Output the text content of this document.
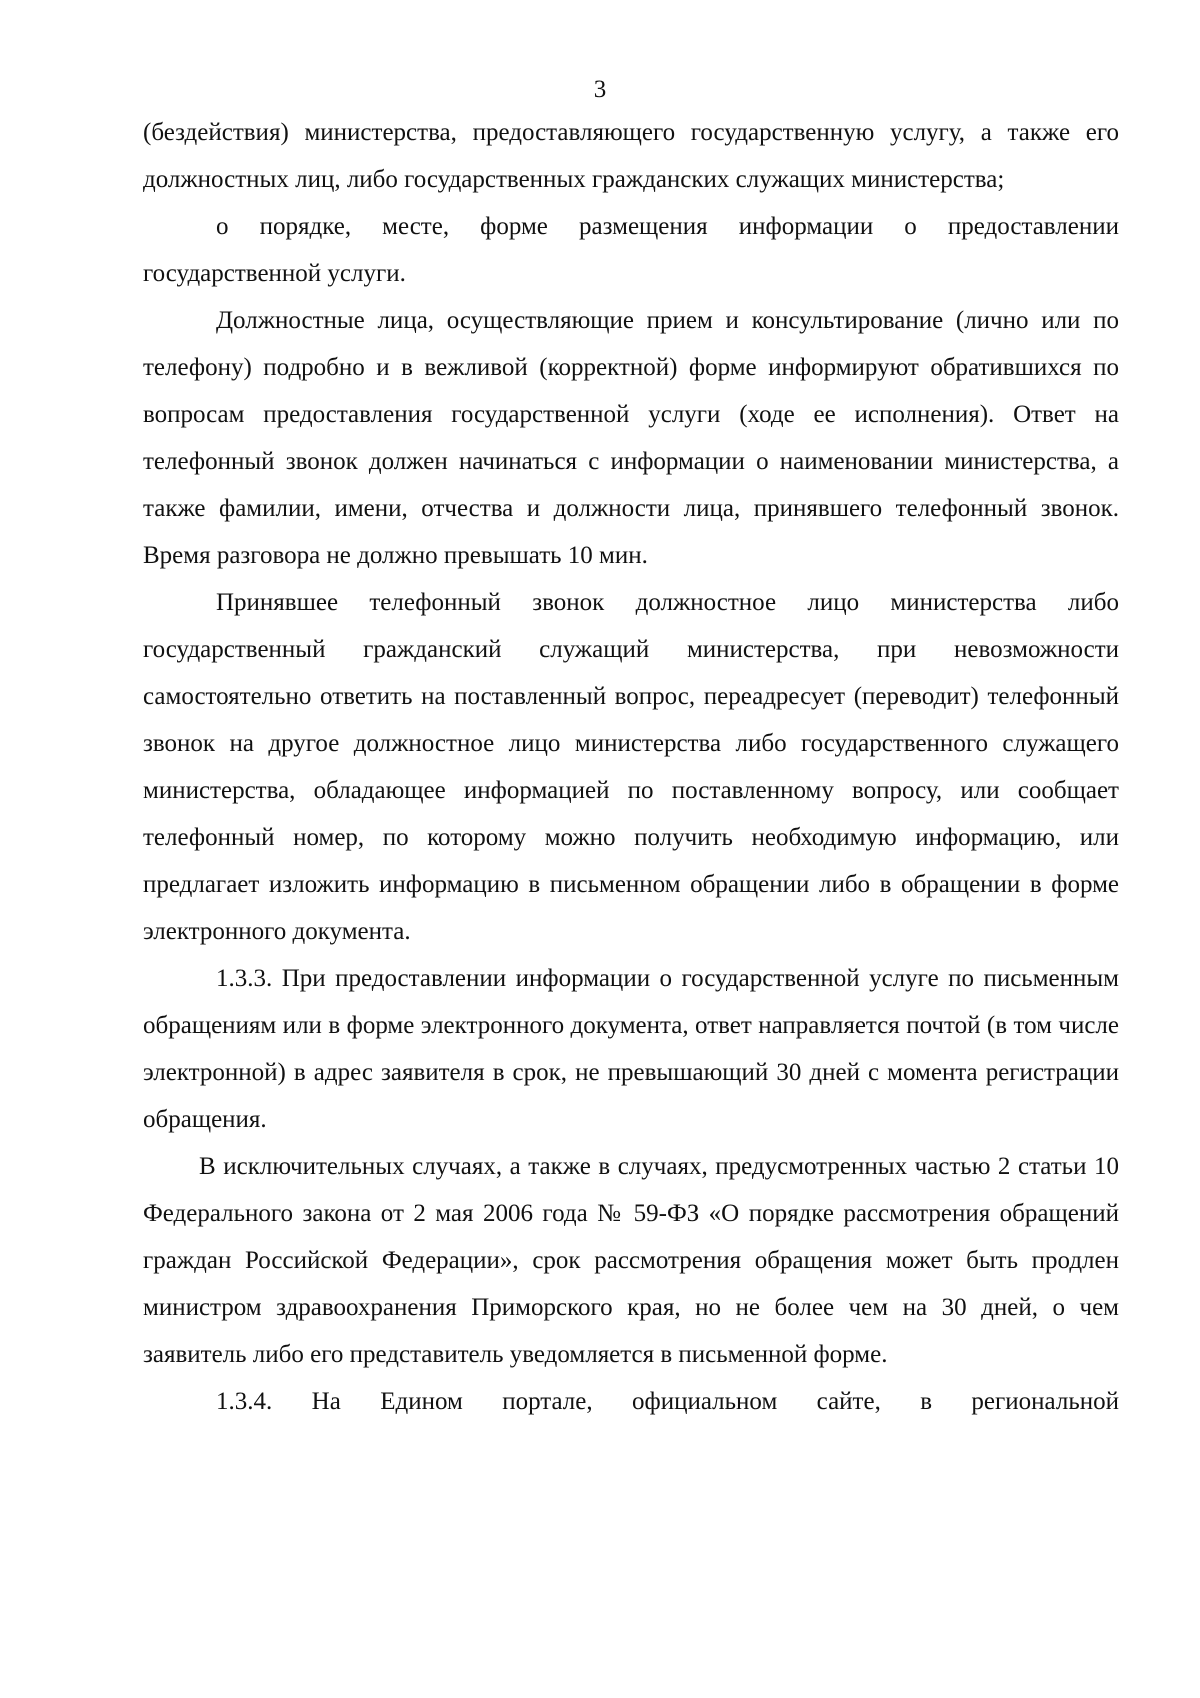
3

(бездействия) министерства, предоставляющего государственную услугу, а также его должностных лиц, либо государственных гражданских служащих министерства;

о порядке, месте, форме размещения информации о предоставлении государственной услуги.

Должностные лица, осуществляющие прием и консультирование (лично или по телефону) подробно и в вежливой (корректной) форме информируют обратившихся по вопросам предоставления государственной услуги (ходе ее исполнения). Ответ на телефонный звонок должен начинаться с информации о наименовании министерства, а также фамилии, имени, отчества и должности лица, принявшего телефонный звонок. Время разговора не должно превышать 10 мин.

Принявшее телефонный звонок должностное лицо министерства либо государственный гражданский служащий министерства, при невозможности самостоятельно ответить на поставленный вопрос, переадресует (переводит) телефонный звонок на другое должностное лицо министерства либо государственного служащего министерства, обладающее информацией по поставленному вопросу, или сообщает телефонный номер, по которому можно получить необходимую информацию, или предлагает изложить информацию в письменном обращении либо в обращении в форме электронного документа.

1.3.3. При предоставлении информации о государственной услуге по письменным обращениям или в форме электронного документа, ответ направляется почтой (в том числе электронной) в адрес заявителя в срок, не превышающий 30 дней с момента регистрации обращения.

В исключительных случаях, а также в случаях, предусмотренных частью 2 статьи 10 Федерального закона от 2 мая 2006 года № 59-ФЗ «О порядке рассмотрения обращений граждан Российской Федерации», срок рассмотрения обращения может быть продлен министром здравоохранения Приморского края, но не более чем на 30 дней, о чем заявитель либо его представитель уведомляется в письменной форме.

1.3.4. На Едином портале, официальном сайте, в региональной
